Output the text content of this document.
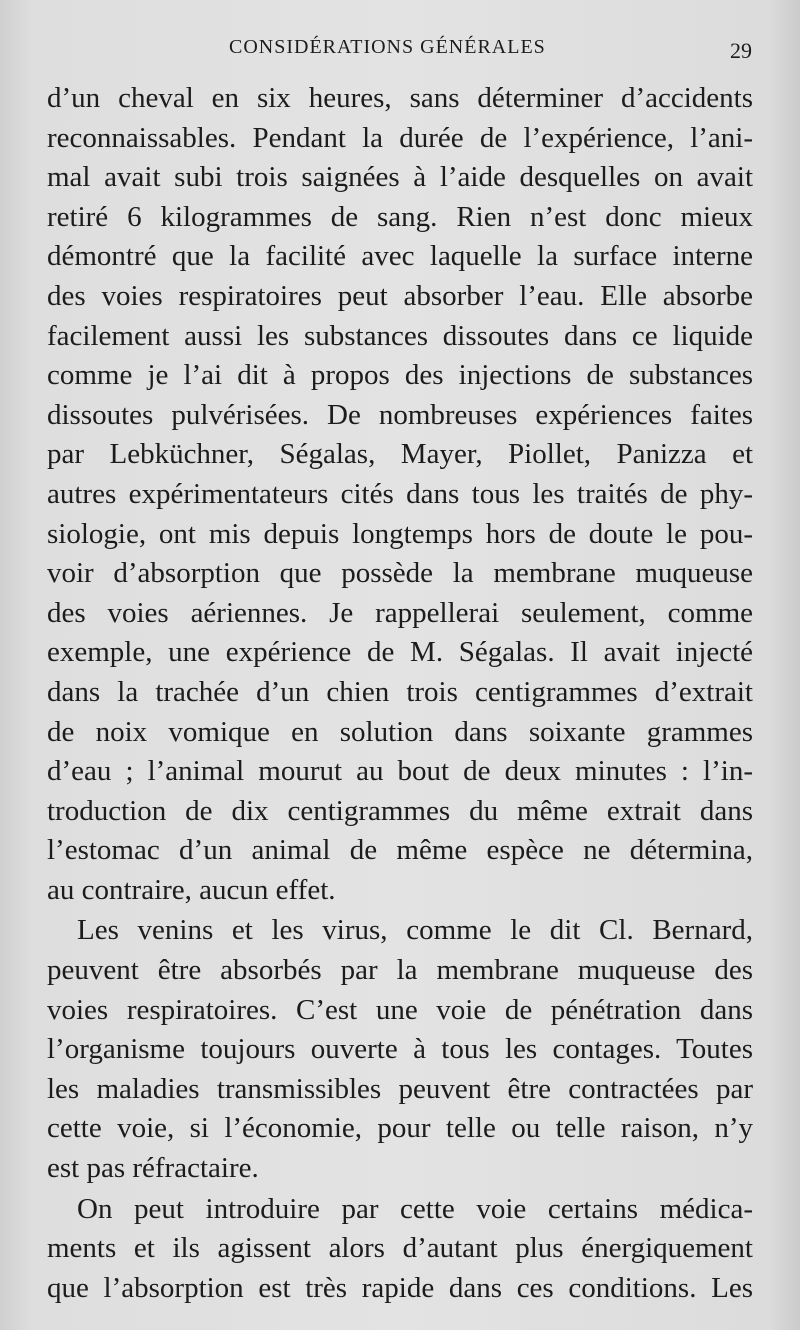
CONSIDÉRATIONS GÉNÉRALES	29
d’un cheval en six heures, sans déterminer d’accidents
reconnaissables. Pendant la durée de l’expérience, l’ani-
mal avait subi trois saignées à l’aide desquelles on avait
retiré 6 kilogrammes de sang. Rien n’est donc mieux
démontré que la facilité avec laquelle la surface interne
des voies respiratoires peut absorber l’eau. Elle absorbe
facilement aussi les substances dissoutes dans ce liquide
comme je l’ai dit à propos des injections de substances
dissoutes pulvérisées. De nombreuses expériences faites
par Lebküchner, Ségalas, Mayer, Piollet, Panizza et
autres expérimentateurs cités dans tous les traités de phy-
siologie, ont mis depuis longtemps hors de doute le pou-
voir d’absorption que possède la membrane muqueuse
des voies aériennes. Je rappellerai seulement, comme
exemple, une expérience de M. Ségalas. Il avait injecté
dans la trachée d’un chien trois centigrammes d’extrait
de noix vomique en solution dans soixante grammes
d’eau ; l’animal mourut au bout de deux minutes : l’in-
troduction de dix centigrammes du même extrait dans
l’estomac d’un animal de même espèce ne détermina,
au contraire, aucun effet.
Les venins et les virus, comme le dit Cl. Bernard,
peuvent être absorbés par la membrane muqueuse des
voies respiratoires. C’est une voie de pénétration dans
l’organisme toujours ouverte à tous les contages. Toutes
les maladies transmissibles peuvent être contractées par
cette voie, si l’économie, pour telle ou telle raison, n’y
est pas réfractaire.
On peut introduire par cette voie certains médica-
ments et ils agissent alors d’autant plus énergiquement
que l’absorption est très rapide dans ces conditions. Les
